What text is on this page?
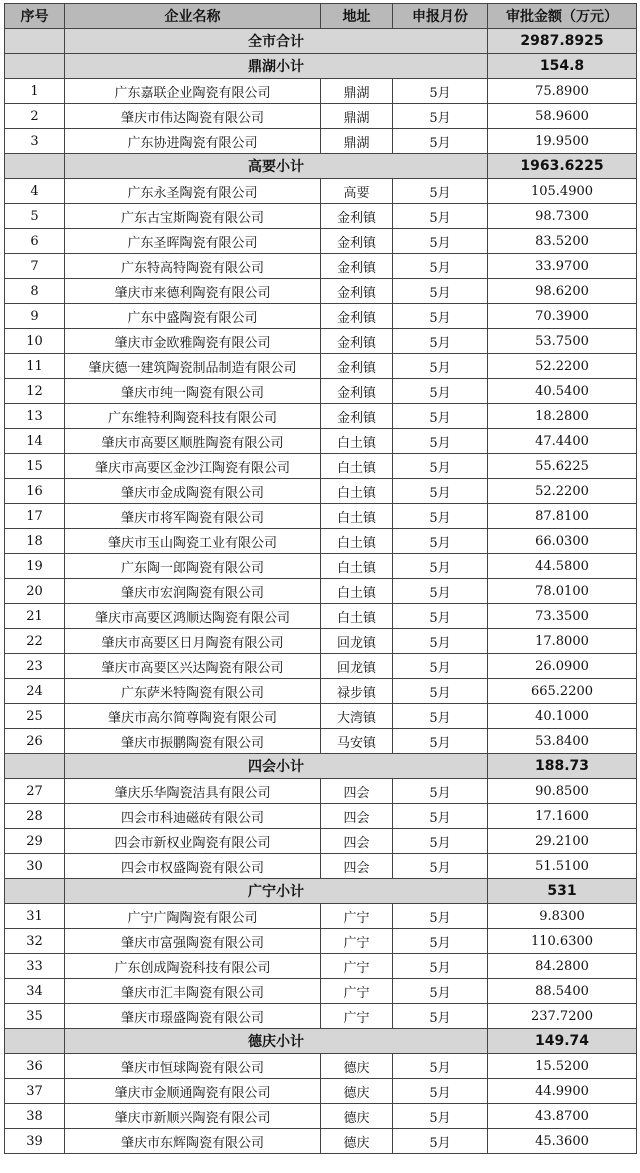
序号	企业名称	地址	申报月份	审批金额（万元）
	全市合计			2987.8925
	鼎湖小计			154.8
1	广东嘉联企业陶瓷有限公司	鼎湖	5月	75.8900
2	肇庆市伟达陶瓷有限公司	鼎湖	5月	58.9600
3	广东协进陶瓷有限公司	鼎湖	5月	19.9500
	高要小计			1963.6225
4	广东永圣陶瓷有限公司	高要	5月	105.4900
5	广东古宝斯陶瓷有限公司	金利镇	5月	98.7300
6	广东圣晖陶瓷有限公司	金利镇	5月	83.5200
7	广东特高特陶瓷有限公司	金利镇	5月	33.9700
8	肇庆市来德利陶瓷有限公司	金利镇	5月	98.6200
9	广东中盛陶瓷有限公司	金利镇	5月	70.3900
10	肇庆市金欧雅陶瓷有限公司	金利镇	5月	53.7500
11	肇庆德一建筑陶瓷制品制造有限公司	金利镇	5月	52.2200
12	肇庆市纯一陶瓷有限公司	金利镇	5月	40.5400
13	广东维特利陶瓷科技有限公司	金利镇	5月	18.2800
14	肇庆市高要区顺胜陶瓷有限公司	白土镇	5月	47.4400
15	肇庆市高要区金沙江陶瓷有限公司	白土镇	5月	55.6225
16	肇庆市金成陶瓷有限公司	白土镇	5月	52.2200
17	肇庆市将军陶瓷有限公司	白土镇	5月	87.8100
18	肇庆市玉山陶瓷工业有限公司	白土镇	5月	66.0300
19	广东陶一郎陶瓷有限公司	白土镇	5月	44.5800
20	肇庆市宏润陶瓷有限公司	白土镇	5月	78.0100
21	肇庆市高要区鸿顺达陶瓷有限公司	白土镇	5月	73.3500
22	肇庆市高要区日月陶瓷有限公司	回龙镇	5月	17.8000
23	肇庆市高要区兴达陶瓷有限公司	回龙镇	5月	26.0900
24	广东萨米特陶瓷有限公司	禄步镇	5月	665.2200
25	肇庆市高尔简尊陶瓷有限公司	大湾镇	5月	40.1000
26	肇庆市振鹏陶瓷有限公司	马安镇	5月	53.8400
	四会小计			188.73
27	肇庆乐华陶瓷洁具有限公司	四会	5月	90.8500
28	四会市科迪磁砖有限公司	四会	5月	17.1600
29	四会市新权业陶瓷有限公司	四会	5月	29.2100
30	四会市权盛陶瓷有限公司	四会	5月	51.5100
	广宁小计			531
31	广宁广陶陶瓷有限公司	广宁	5月	9.8300
32	肇庆市富强陶瓷有限公司	广宁	5月	110.6300
33	广东创成陶瓷科技有限公司	广宁	5月	84.2800
34	肇庆市汇丰陶瓷有限公司	广宁	5月	88.5400
35	肇庆市璟盛陶瓷有限公司	广宁	5月	237.7200
	德庆小计			149.74
36	肇庆市恒球陶瓷有限公司	德庆	5月	15.5200
37	肇庆市金顺通陶瓷有限公司	德庆	5月	44.9900
38	肇庆市新顺兴陶瓷有限公司	德庆	5月	43.8700
39	肇庆市东辉陶瓷有限公司	德庆	5月	45.3600
